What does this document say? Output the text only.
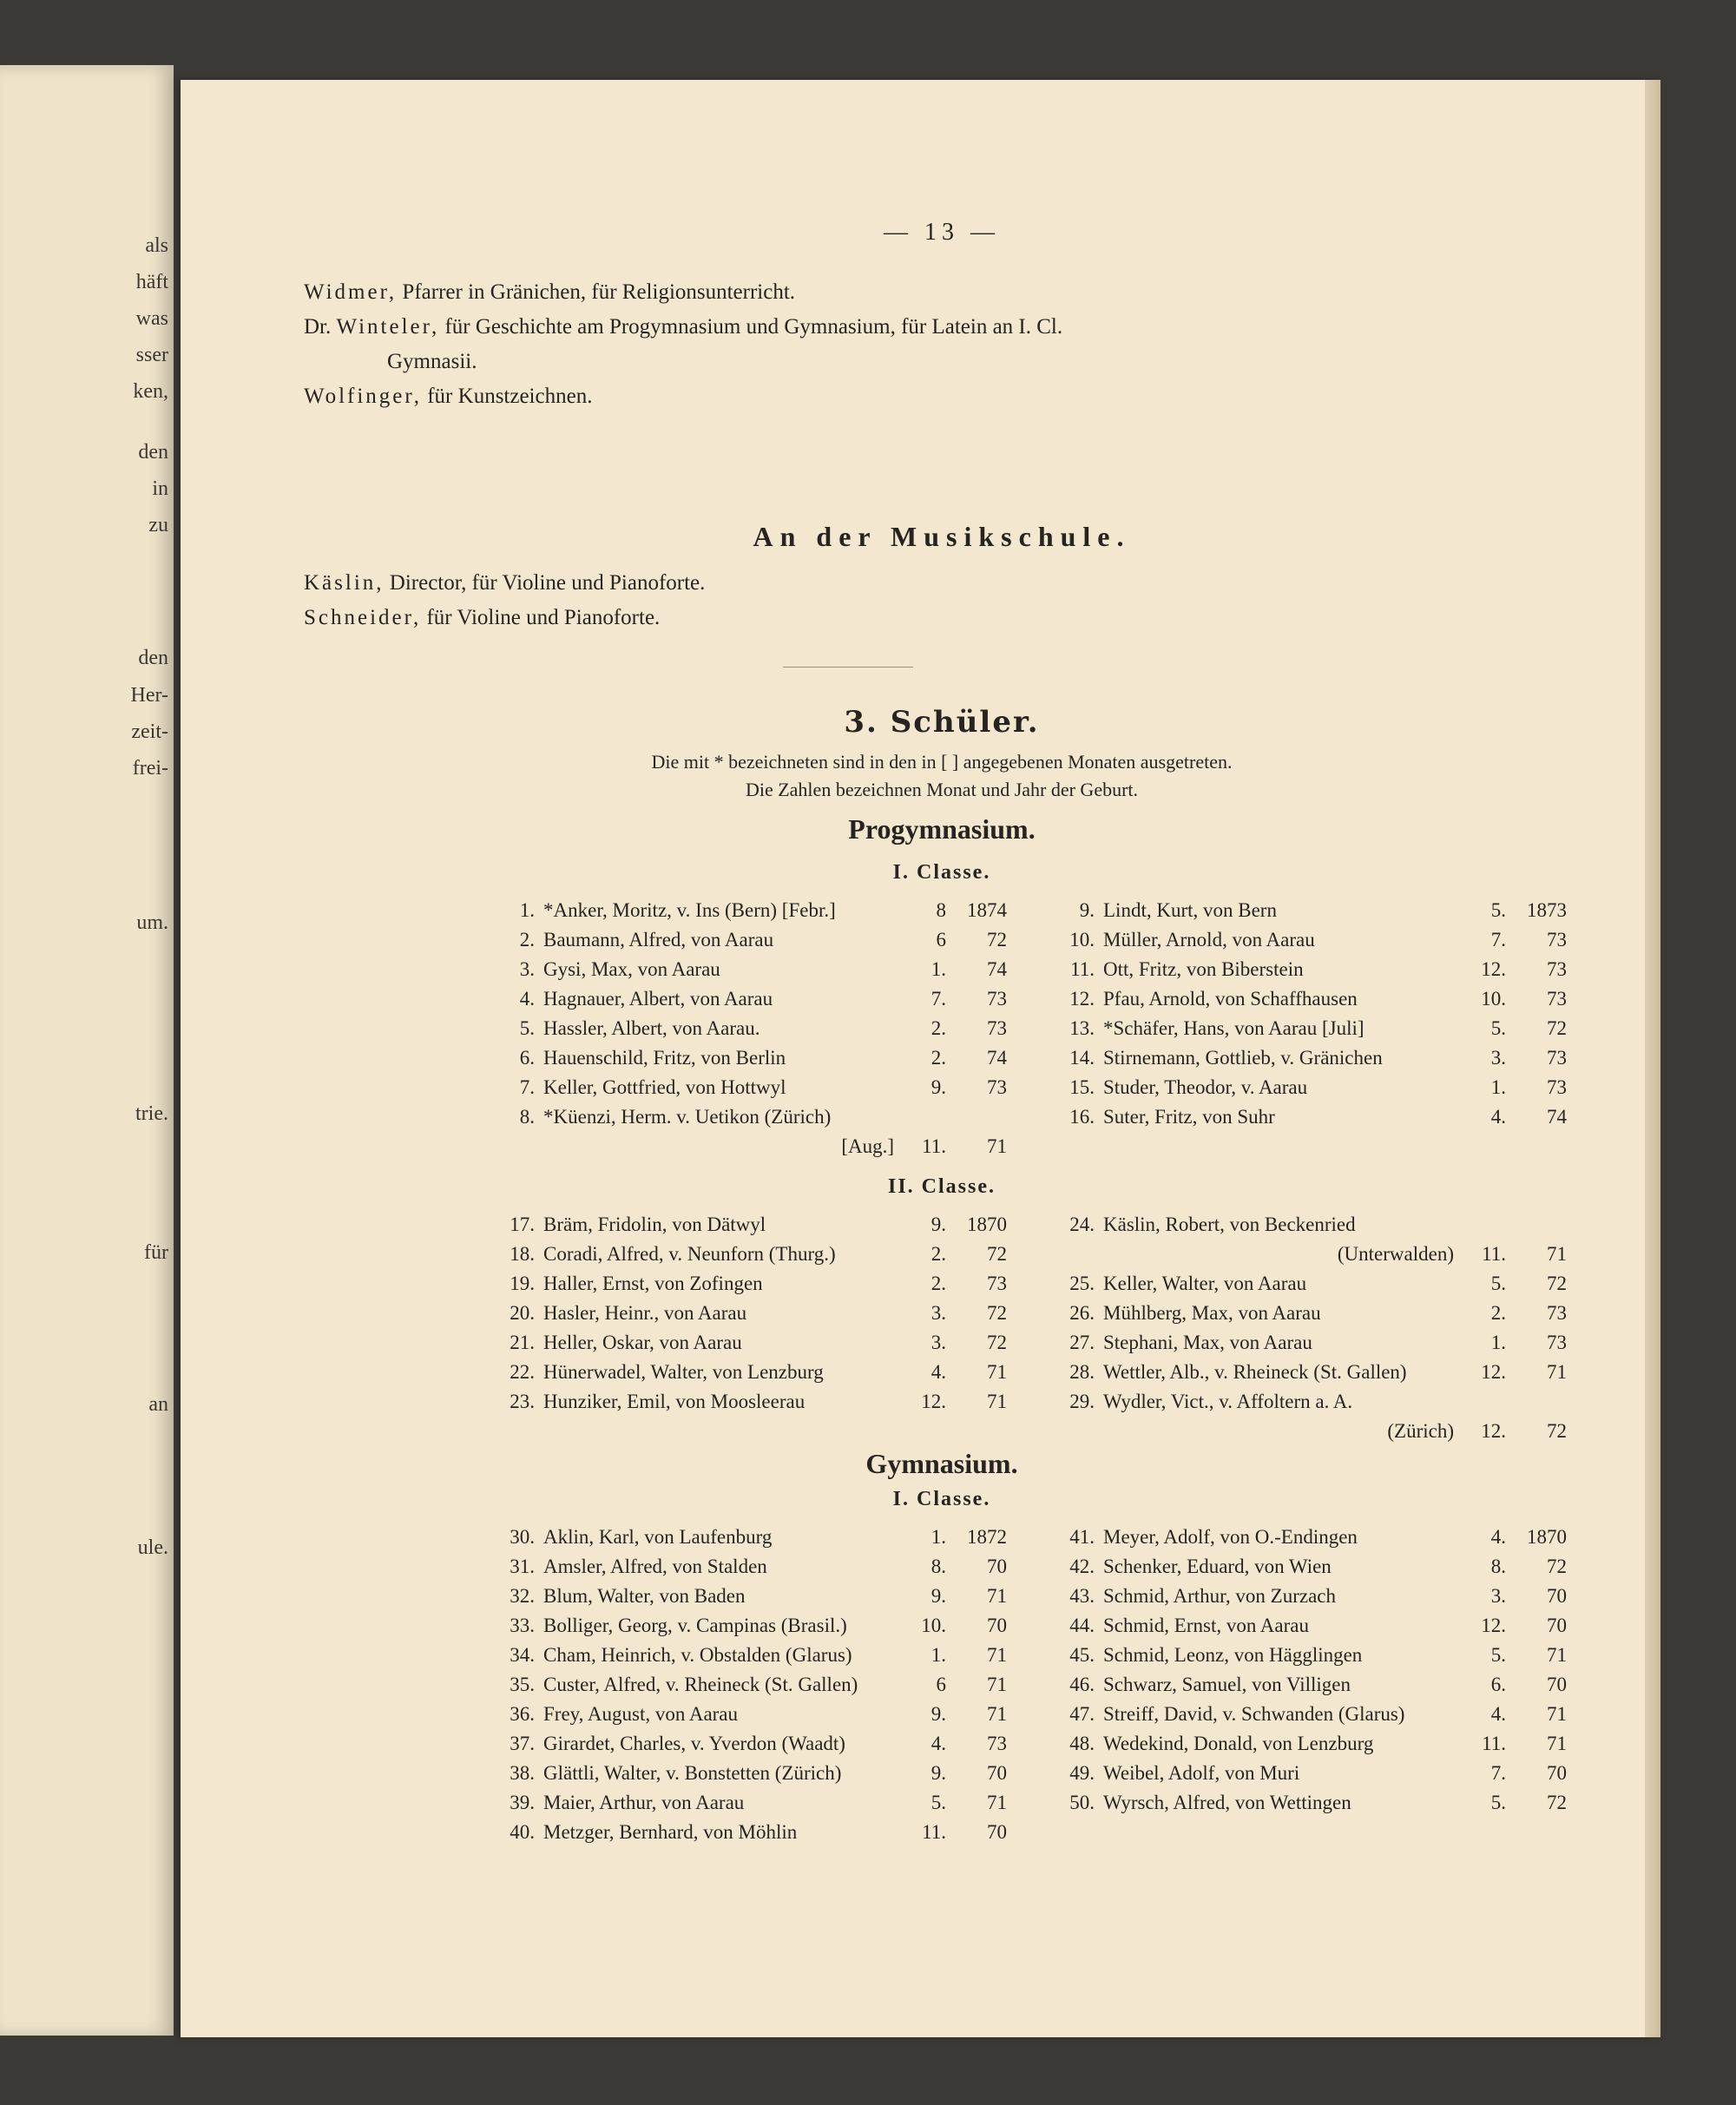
als
häft
was
sser
ken,
den
in
zu
den
Her-
zeit-
frei-
um.
trie.
für
an
ule.
— 13 —
Widmer, Pfarrer in Gränichen, für Religionsunterricht.
Dr. Winteler, für Geschichte am Progymnasium und Gymnasium, für Latein an I. Cl.
Gymnasii.
Wolfinger, für Kunstzeichnen.
An der Musikschule.
Käslin, Director, für Violine und Pianoforte.
Schneider, für Violine und Pianoforte.
3. Schüler.
Die mit * bezeichneten sind in den in [ ] angegebenen Monaten ausgetreten.
Die Zahlen bezeichnen Monat und Jahr der Geburt.
Progymnasium.
I. Classe.
1. *Anker, Moritz, v. Ins (Bern) [Febr.]	8	1874
2. Baumann, Alfred, von Aarau	6	72
3. Gysi, Max, von Aarau	1.	74
4. Hagnauer, Albert, von Aarau	7.	73
5. Hassler, Albert, von Aarau.	2.	73
6. Hauenschild, Fritz, von Berlin	2.	74
7. Keller, Gottfried, von Hottwyl	9.	73
8. *Küenzi, Herm. v. Uetikon (Zürich)
[Aug.]	11.	71
9. Lindt, Kurt, von Bern	5.	1873
10. Müller, Arnold, von Aarau	7.	73
11. Ott, Fritz, von Biberstein	12.	73
12. Pfau, Arnold, von Schaffhausen	10.	73
13. *Schäfer, Hans, von Aarau [Juli]	5.	72
14. Stirnemann, Gottlieb, v. Gränichen	3.	73
15. Studer, Theodor, v. Aarau	1.	73
16. Suter, Fritz, von Suhr	4.	74
II. Classe.
17. Bräm, Fridolin, von Dätwyl	9.	1870
18. Coradi, Alfred, v. Neunforn (Thurg.)	2.	72
19. Haller, Ernst, von Zofingen	2.	73
20. Hasler, Heinr., von Aarau	3.	72
21. Heller, Oskar, von Aarau	3.	72
22. Hünerwadel, Walter, von Lenzburg	4.	71
23. Hunziker, Emil, von Moosleerau	12.	71
24. Käslin, Robert, von Beckenried
(Unterwalden)	11.	71
25. Keller, Walter, von Aarau	5.	72
26. Mühlberg, Max, von Aarau	2.	73
27. Stephani, Max, von Aarau	1.	73
28. Wettler, Alb., v. Rheineck (St. Gallen)	12.	71
29. Wydler, Vict., v. Affoltern a. A.
(Zürich)	12.	72
Gymnasium.
I. Classe.
30. Aklin, Karl, von Laufenburg	1.	1872
31. Amsler, Alfred, von Stalden	8.	70
32. Blum, Walter, von Baden	9.	71
33. Bolliger, Georg, v. Campinas (Brasil.)	10.	70
34. Cham, Heinrich, v. Obstalden (Glarus)	1.	71
35. Custer, Alfred, v. Rheineck (St. Gallen)	6	71
36. Frey, August, von Aarau	9.	71
37. Girardet, Charles, v. Yverdon (Waadt)	4.	73
38. Glättli, Walter, v. Bonstetten (Zürich)	9.	70
39. Maier, Arthur, von Aarau	5.	71
40. Metzger, Bernhard, von Möhlin	11.	70
41. Meyer, Adolf, von O.-Endingen	4.	1870
42. Schenker, Eduard, von Wien	8.	72
43. Schmid, Arthur, von Zurzach	3.	70
44. Schmid, Ernst, von Aarau	12.	70
45. Schmid, Leonz, von Hägglingen	5.	71
46. Schwarz, Samuel, von Villigen	6.	70
47. Streiff, David, v. Schwanden (Glarus)	4.	71
48. Wedekind, Donald, von Lenzburg	11.	71
49. Weibel, Adolf, von Muri	7.	70
50. Wyrsch, Alfred, von Wettingen	5.	72
